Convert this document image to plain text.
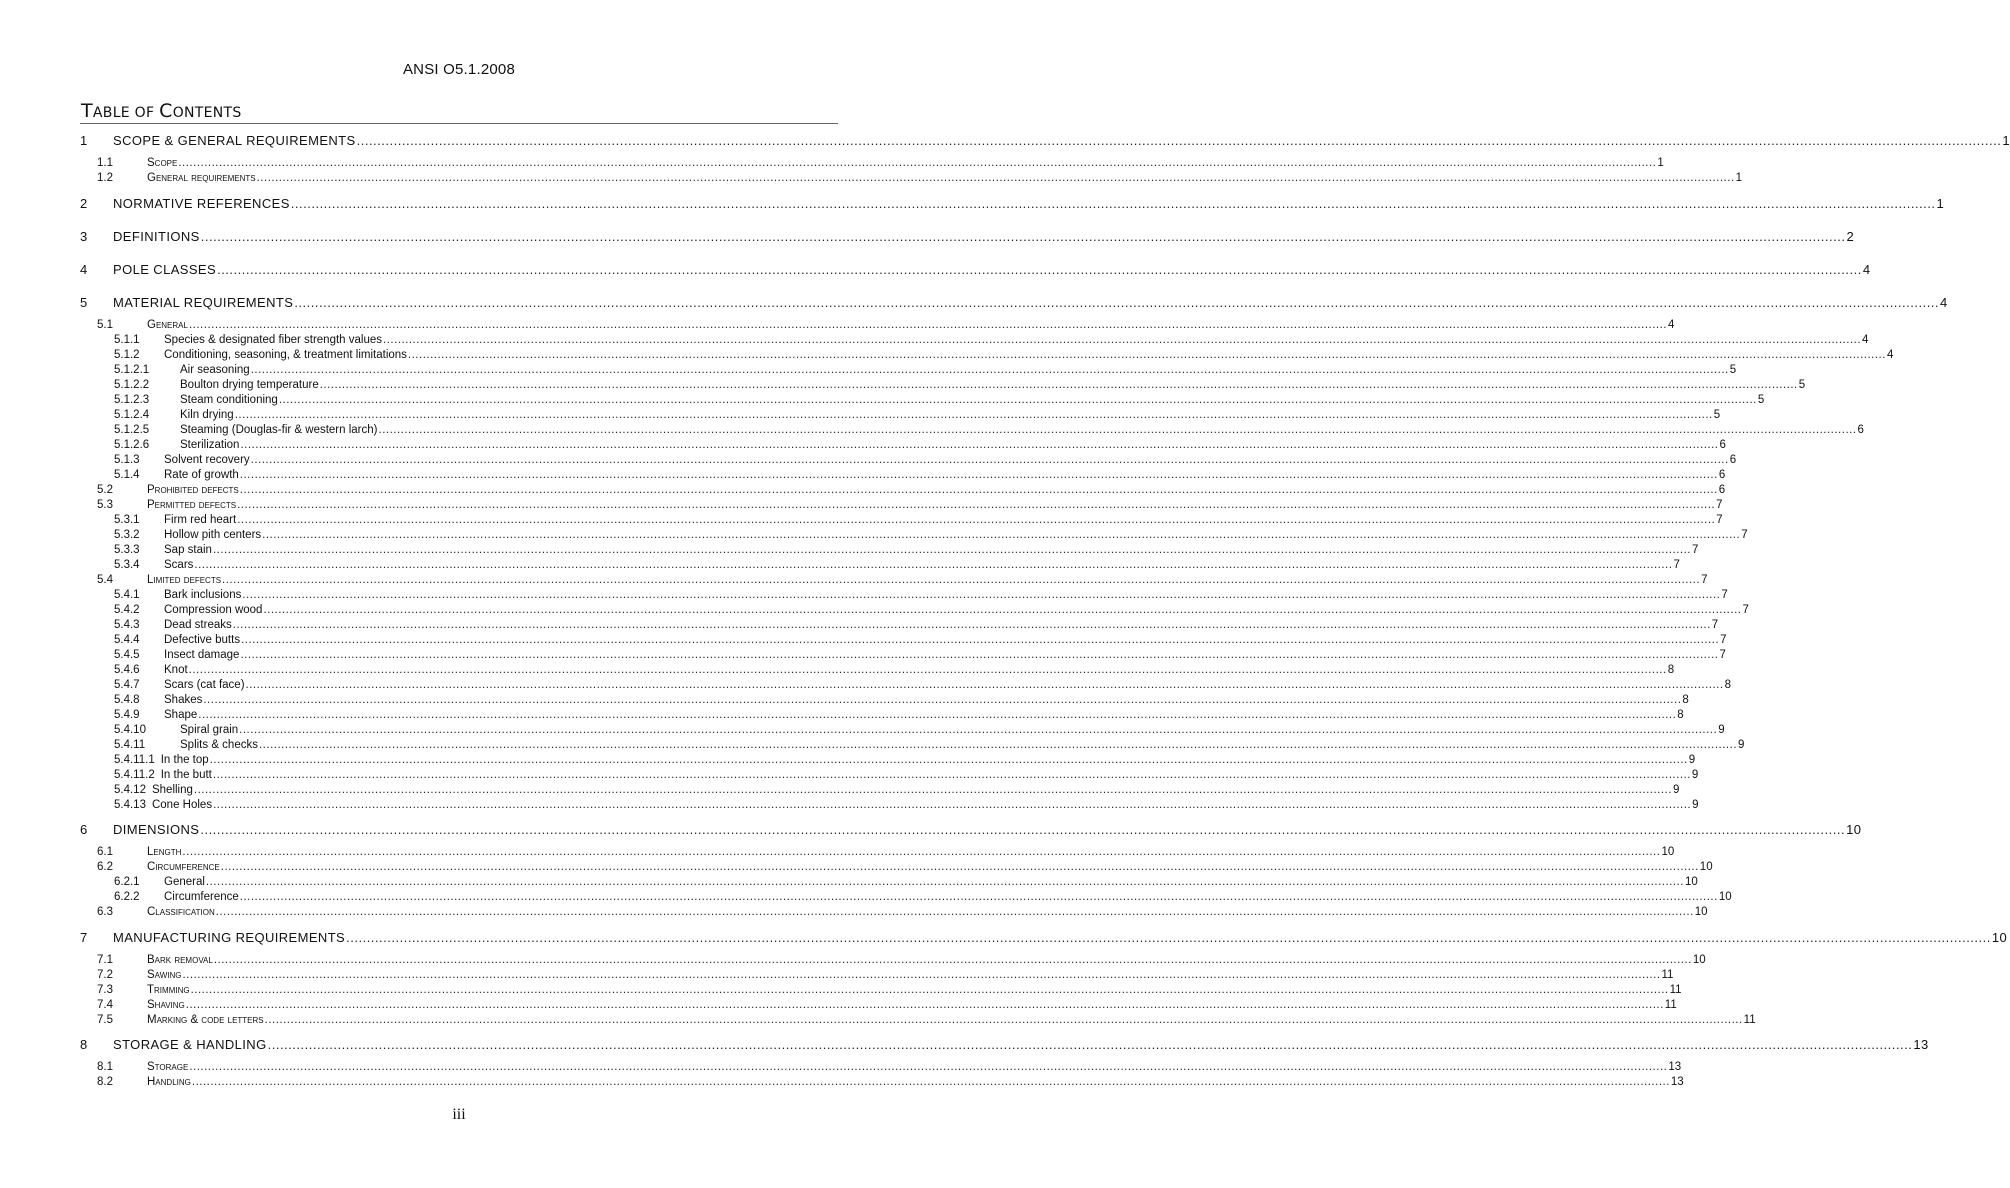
ANSI O5.1.2008
TABLE OF CONTENTS
1	SCOPE & GENERAL REQUIREMENTS ................................................................................................................................................................................................................................................................................................................................................................................................................ 1
1.1	Scope ................................................................................................................................................................................................................................................................................................................................................................................................................ 1
1.2	General requirements ................................................................................................................................................................................................................................................................................................................................................................................................................ 1
2	NORMATIVE REFERENCES ................................................................................................................................................................................................................................................................................................................................................................................................................ 1
3	DEFINITIONS ................................................................................................................................................................................................................................................................................................................................................................................................................ 2
4	POLE CLASSES ................................................................................................................................................................................................................................................................................................................................................................................................................ 4
5	MATERIAL REQUIREMENTS ................................................................................................................................................................................................................................................................................................................................................................................................................ 4
5.1	General ................................................................................................................................................................................................................................................................................................................................................................................................................ 4
5.1.1	Species & designated fiber strength values ................................................................................................................................................................................................................................................................................................................................................................................................................ 4
5.1.2	Conditioning, seasoning, & treatment limitations ................................................................................................................................................................................................................................................................................................................................................................................................................ 4
5.1.2.1	Air seasoning ................................................................................................................................................................................................................................................................................................................................................................................................................ 5
5.1.2.2	Boulton drying temperature ................................................................................................................................................................................................................................................................................................................................................................................................................ 5
5.1.2.3	Steam conditioning ................................................................................................................................................................................................................................................................................................................................................................................................................ 5
5.1.2.4	Kiln drying ................................................................................................................................................................................................................................................................................................................................................................................................................ 5
5.1.2.5	Steaming (Douglas-fir & western larch) ................................................................................................................................................................................................................................................................................................................................................................................................................ 6
5.1.2.6	Sterilization ................................................................................................................................................................................................................................................................................................................................................................................................................ 6
5.1.3	Solvent recovery ................................................................................................................................................................................................................................................................................................................................................................................................................ 6
5.1.4	Rate of growth ................................................................................................................................................................................................................................................................................................................................................................................................................ 6
5.2	Prohibited defects ................................................................................................................................................................................................................................................................................................................................................................................................................ 6
5.3	Permitted defects ................................................................................................................................................................................................................................................................................................................................................................................................................ 7
5.3.1	Firm red heart ................................................................................................................................................................................................................................................................................................................................................................................................................ 7
5.3.2	Hollow pith centers ................................................................................................................................................................................................................................................................................................................................................................................................................ 7
5.3.3	Sap stain ................................................................................................................................................................................................................................................................................................................................................................................................................ 7
5.3.4	Scars ................................................................................................................................................................................................................................................................................................................................................................................................................ 7
5.4	Limited defects ................................................................................................................................................................................................................................................................................................................................................................................................................ 7
5.4.1	Bark inclusions ................................................................................................................................................................................................................................................................................................................................................................................................................ 7
5.4.2	Compression wood ................................................................................................................................................................................................................................................................................................................................................................................................................ 7
5.4.3	Dead streaks ................................................................................................................................................................................................................................................................................................................................................................................................................ 7
5.4.4	Defective butts ................................................................................................................................................................................................................................................................................................................................................................................................................ 7
5.4.5	Insect damage ................................................................................................................................................................................................................................................................................................................................................................................................................ 7
5.4.6	Knot ................................................................................................................................................................................................................................................................................................................................................................................................................ 8
5.4.7	Scars (cat face) ................................................................................................................................................................................................................................................................................................................................................................................................................ 8
5.4.8	Shakes ................................................................................................................................................................................................................................................................................................................................................................................................................ 8
5.4.9	Shape ................................................................................................................................................................................................................................................................................................................................................................................................................ 8
5.4.10	Spiral grain ................................................................................................................................................................................................................................................................................................................................................................................................................ 9
5.4.11	Splits & checks ................................................................................................................................................................................................................................................................................................................................................................................................................ 9
5.4.11.1 In the top ................................................................................................................................................................................................................................................................................................................................................................................................................ 9
5.4.11.2 In the butt ................................................................................................................................................................................................................................................................................................................................................................................................................ 9
5.4.12 Shelling ................................................................................................................................................................................................................................................................................................................................................................................................................ 9
5.4.13 Cone Holes ................................................................................................................................................................................................................................................................................................................................................................................................................ 9
6	DIMENSIONS ................................................................................................................................................................................................................................................................................................................................................................................................................ 10
6.1	Length ................................................................................................................................................................................................................................................................................................................................................................................................................ 10
6.2	Circumference ................................................................................................................................................................................................................................................................................................................................................................................................................ 10
6.2.1	General ................................................................................................................................................................................................................................................................................................................................................................................................................ 10
6.2.2	Circumference ................................................................................................................................................................................................................................................................................................................................................................................................................ 10
6.3	Classification ................................................................................................................................................................................................................................................................................................................................................................................................................ 10
7	MANUFACTURING REQUIREMENTS ................................................................................................................................................................................................................................................................................................................................................................................................................ 10
7.1	Bark removal ................................................................................................................................................................................................................................................................................................................................................................................................................ 10
7.2	Sawing ................................................................................................................................................................................................................................................................................................................................................................................................................ 11
7.3	Trimming ................................................................................................................................................................................................................................................................................................................................................................................................................ 11
7.4	Shaving ................................................................................................................................................................................................................................................................................................................................................................................................................ 11
7.5	Marking & code letters ................................................................................................................................................................................................................................................................................................................................................................................................................ 11
8	STORAGE & HANDLING ................................................................................................................................................................................................................................................................................................................................................................................................................ 13
8.1	Storage ................................................................................................................................................................................................................................................................................................................................................................................................................ 13
8.2	Handling ................................................................................................................................................................................................................................................................................................................................................................................................................ 13
iii
